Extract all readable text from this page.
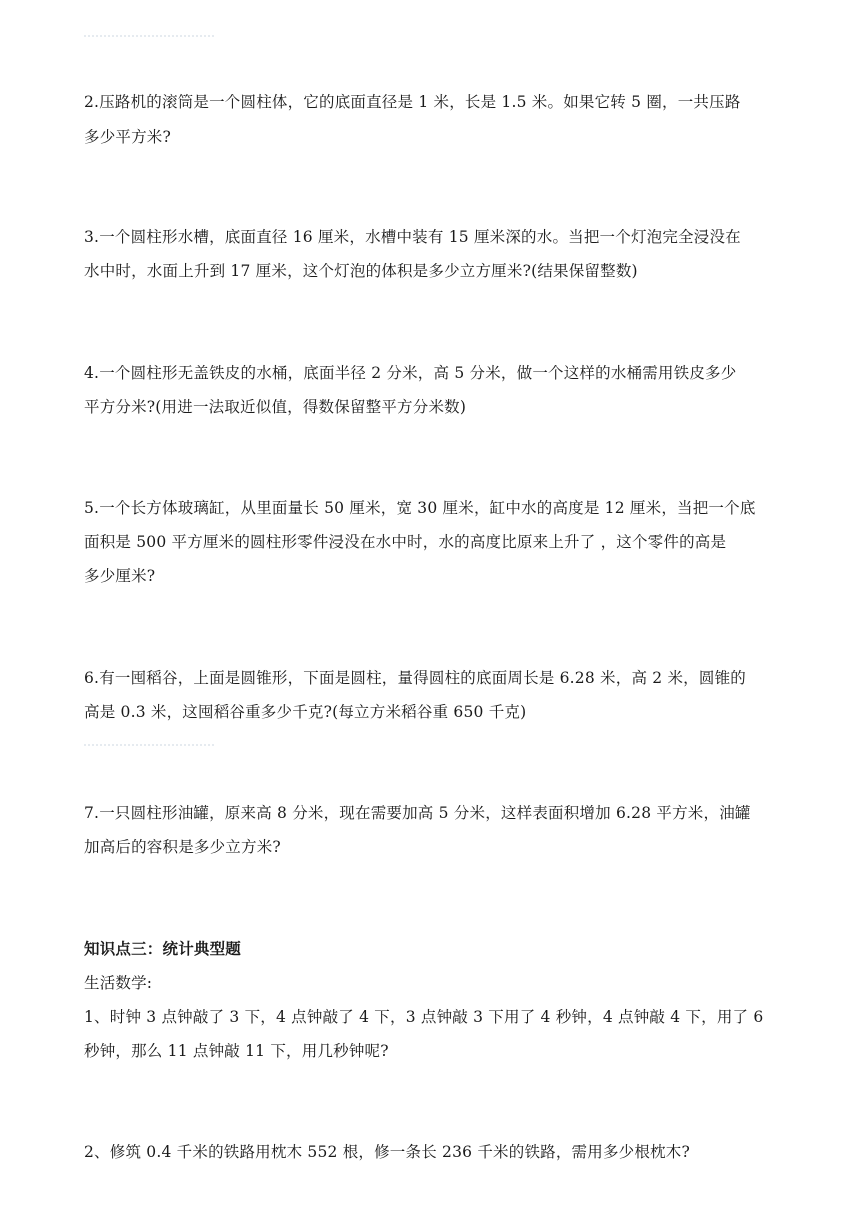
2.压路机的滚筒是一个圆柱体，它的底面直径是 1 米，长是 1.5 米。如果它转 5 圈，一共压路
多少平方米?
3.一个圆柱形水槽，底面直径 16 厘米，水槽中装有 15 厘米深的水。当把一个灯泡完全浸没在
水中时，水面上升到 17 厘米，这个灯泡的体积是多少立方厘米?(结果保留整数)
4.一个圆柱形无盖铁皮的水桶，底面半径 2 分米，高 5 分米，做一个这样的水桶需用铁皮多少
平方分米?(用进一法取近似值，得数保留整平方分米数)
5.一个长方体玻璃缸，从里面量长 50 厘米，宽 30 厘米，缸中水的高度是 12 厘米，当把一个底
面积是 500 平方厘米的圆柱形零件浸没在水中时，水的高度比原来上升了 ，这个零件的高是
多少厘米?
6.有一囤稻谷，上面是圆锥形，下面是圆柱，量得圆柱的底面周长是 6.28 米，高 2 米，圆锥的
高是 0.3 米，这囤稻谷重多少千克?(每立方米稻谷重 650 千克)
7.一只圆柱形油罐，原来高 8 分米，现在需要加高 5 分米，这样表面积增加 6.28 平方米，油罐
加高后的容积是多少立方米?
知识点三：统计典型题
生活数学:
1、时钟 3 点钟敲了 3 下，4 点钟敲了 4 下，3 点钟敲 3 下用了 4 秒钟，4 点钟敲 4 下，用了 6
秒钟，那么 11 点钟敲 11 下，用几秒钟呢?
2、修筑 0.4 千米的铁路用枕木 552 根，修一条长 236 千米的铁路，需用多少根枕木?
